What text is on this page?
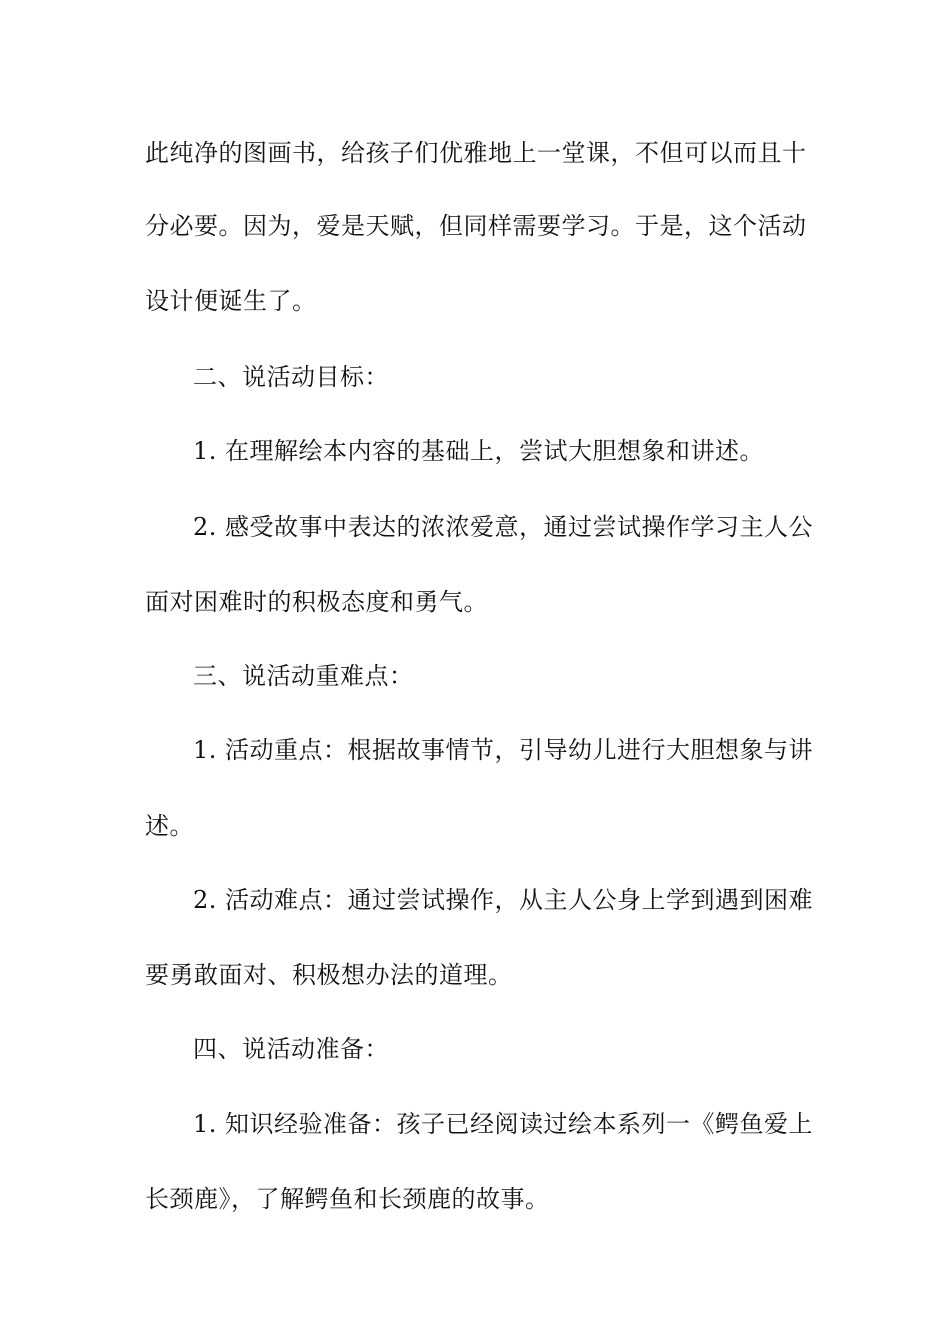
此纯净的图画书，给孩子们优雅地上一堂课，不但可以而且十
分必要。因为，爱是天赋，但同样需要学习。于是，这个活动
设计便诞生了。
二、说活动目标：
1. 在理解绘本内容的基础上，尝试大胆想象和讲述。
2. 感受故事中表达的浓浓爱意，通过尝试操作学习主人公
面对困难时的积极态度和勇气。
三、说活动重难点：
1. 活动重点：根据故事情节，引导幼儿进行大胆想象与讲
述。
2. 活动难点：通过尝试操作，从主人公身上学到遇到困难
要勇敢面对、积极想办法的道理。
四、说活动准备：
1. 知识经验准备：孩子已经阅读过绘本系列一《鳄鱼爱上
长颈鹿》，了解鳄鱼和长颈鹿的故事。
